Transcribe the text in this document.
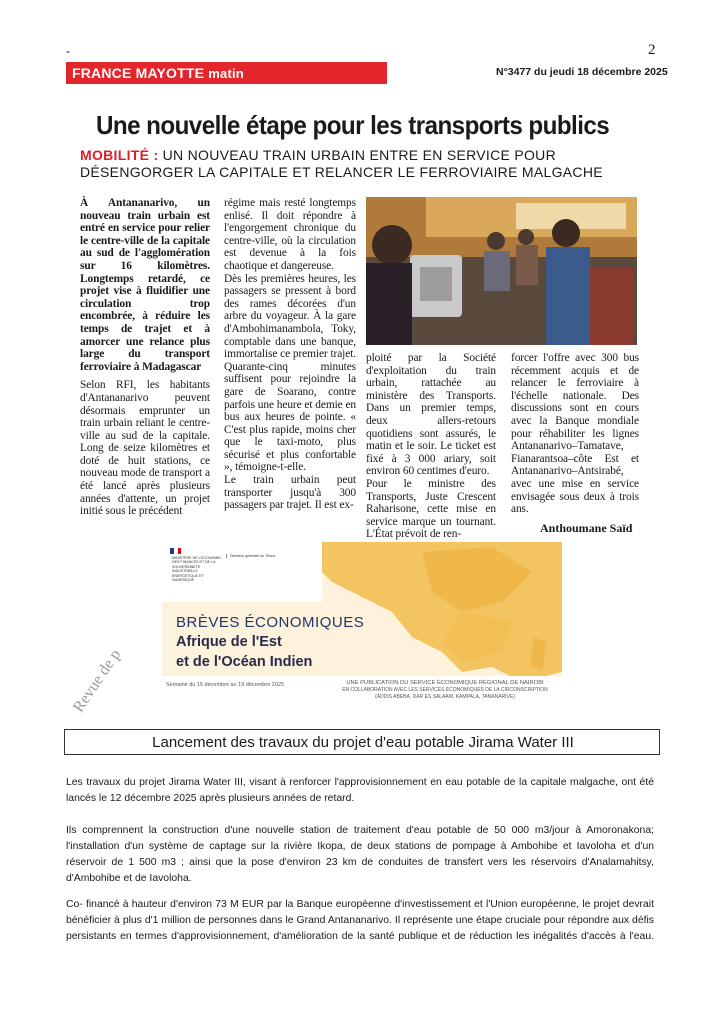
-	2
FRANCE MAYOTTE matin	N°3477 du jeudi 18 décembre 2025
Une nouvelle étape pour les transports publics
MOBILITÉ : UN NOUVEAU TRAIN URBAIN ENTRE EN SERVICE POUR DÉSENGORGER LA CAPITALE ET RELANCER LE FERROVIAIRE MALGACHE

À Antananarivo, un nouveau train urbain est entré en service pour relier le centre-ville de la capitale au sud de l'agglomération sur 16 kilomètres. Longtemps retardé, ce projet vise à fluidifier une circulation trop encombrée, à réduire les temps de trajet et à amorcer une relance plus large du transport ferroviaire à Madagascar

Selon RFI, les habitants d'Antananarivo peuvent désormais emprunter un train urbain reliant le centre-ville au sud de la capitale. Long de seize kilomètres et doté de huit stations, ce nouveau mode de transport a été lancé après plusieurs années d'attente, un projet initié sous le précédent

régime mais resté longtemps enlisé. Il doit répondre à l'engorgement chronique du centre-ville, où la circulation est devenue à la fois chaotique et dangereuse.

Dès les premières heures, les passagers se pressent à bord des rames décorées d'un arbre du voyageur. À la gare d'Ambohimanambola, Toky, comptable dans une banque, immortalise ce premier trajet. Quarante-cinq minutes suffisent pour rejoindre la gare de Soarano, contre parfois une heure et demie en bus aux heures de pointe. « C'est plus rapide, moins cher que le taxi-moto, plus sécurisé et plus confortable », témoigne-t-elle.

Le train urbain peut transporter jusqu'à 300 passagers par trajet. Il est ex-

ploité par la Société d'exploitation du train urbain, rattachée au ministère des Transports. Dans un premier temps, deux allers-retours quotidiens sont assurés, le matin et le soir. Le ticket est fixé à 3 000 ariary, soit environ 60 centimes d'euro.

Pour le ministre des Transports, Juste Crescent Raharisone, cette mise en service marque un tournant. L'État prévoit de ren-

forcer l'offre avec 300 bus récemment acquis et de relancer le ferroviaire à l'échelle nationale. Des discussions sont en cours avec la Banque mondiale pour réhabiliter les lignes Antananarivo–Tamatave, Fianarantsoa–côte Est et Antananarivo–Antsirabé, avec une mise en service envisagée sous deux à trois ans.

Anthoumane Saïd
MINISTÈRE DE L'ÉCONOMIE, DES FINANCES ET DE LA SOUVERAINETÉ INDUSTRIELLE, ÉNERGÉTIQUE ET NUMÉRIQUE
Direction générale du Trésor
BRÈVES ÉCONOMIQUES
Afrique de l'Est
et de l'Océan Indien
Semaine du 15 décembre au 19 décembre 2025	UNE PUBLICATION DU SERVICE ÉCONOMIQUE RÉGIONAL DE NAIROBI
EN COLLABORATION AVEC LES SERVICES ÉCONOMIQUES DE LA CIRCONSCRIPTION
(ADDIS ABEBA, DAR ES SALAAM, KAMPALA, TANANARIVE)
Revue de p
Lancement des travaux du projet d'eau potable Jirama Water III
Les travaux du projet Jirama Water III, visant à renforcer l'approvisionnement en eau potable de la capitale malgache, ont été lancés le 12 décembre 2025 après plusieurs années de retard.
Ils comprennent la construction d'une nouvelle station de traitement d'eau potable de 50 000 m3/jour à Amoronakona; l'installation d'un système de captage sur la rivière Ikopa, de deux stations de pompage à Ambohibe et Iavoloha et d'un réservoir de 1 500 m3 ; ainsi que la pose d'environ 23 km de conduites de transfert vers les réservoirs d'Analamahitsy, d'Ambohibe et de Iavoloha.
Co- financé à hauteur d'environ 73 M EUR par la Banque européenne d'investissement et l'Union européenne, le projet devrait bénéficier à plus d'1 million de personnes dans le Grand Antananarivo. Il représente une étape cruciale pour répondre aux défis persistants en termes d'approvisionnement, d'amélioration de la santé publique et de réduction les inégalités d'accès à l'eau.
